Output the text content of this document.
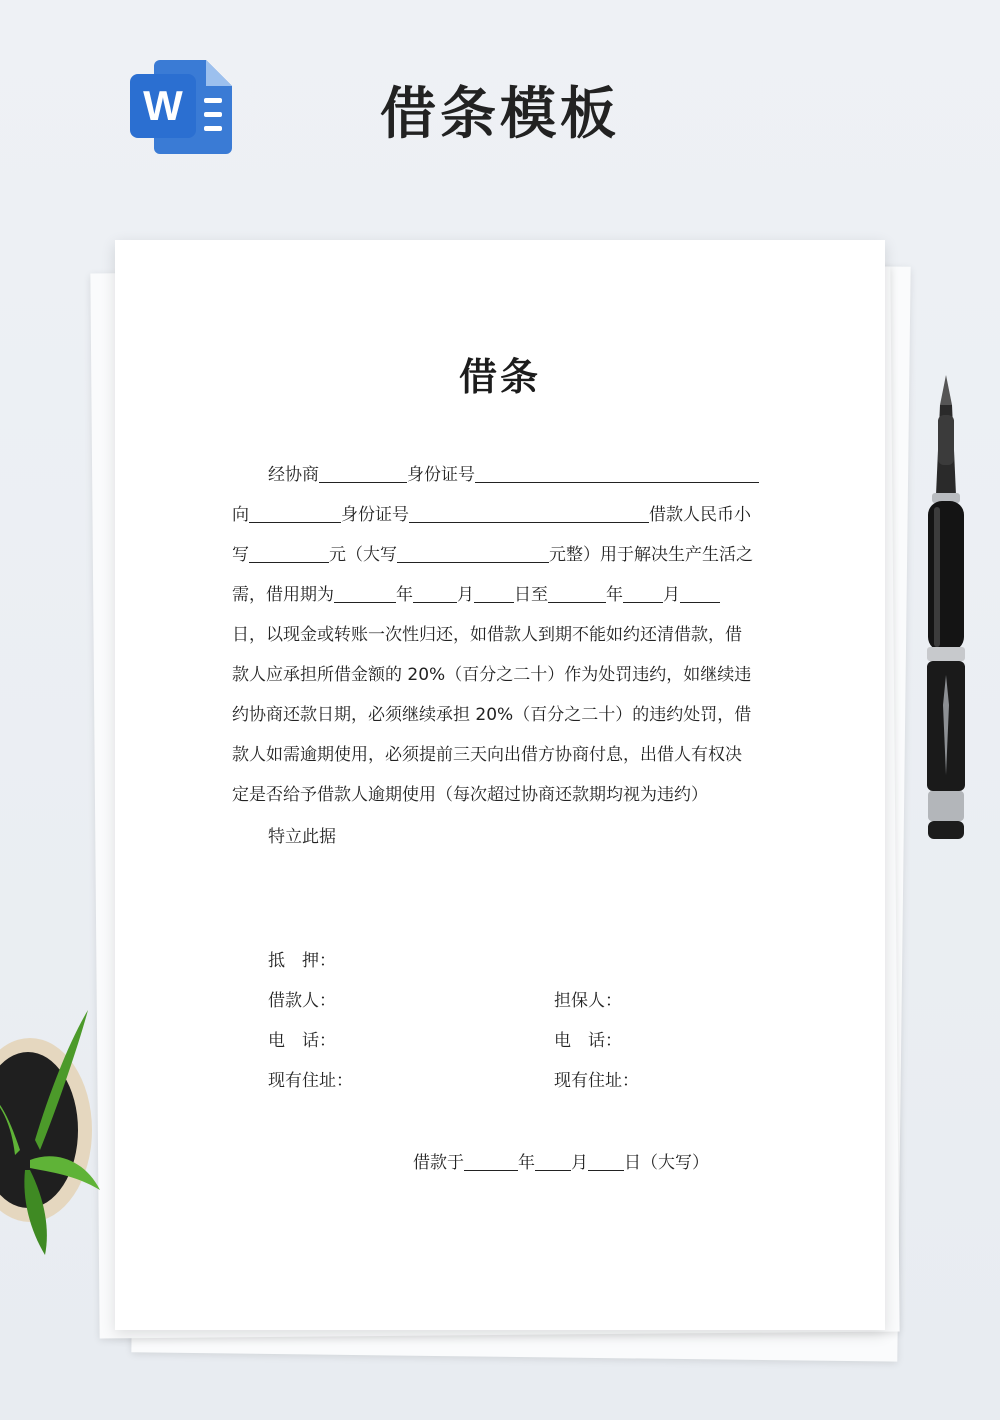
W	借条模板
借条
经协商	身份证号
向	身份证号	借款人民币小
写	元（大写	元整）用于解决生产生活之
需，借用期为	年	月 日至	年 月
日，以现金或转账一次性归还，如借款人到期不能如约还清借款，借
款人应承担所借金额的 20%（百分之二十）作为处罚违约，如继续违
约协商还款日期，必须继续承担 20%（百分之二十）的违约处罚，借
款人如需逾期使用，必须提前三天向出借方协商付息，出借人有权决
定是否给予借款人逾期使用（每次超过协商还款期均视为违约）
特立此据
抵　押：
借款人：	担保人：
电　话：	电　话：
现有住址：	现有住址：
借款于	年 月 日（大写）
